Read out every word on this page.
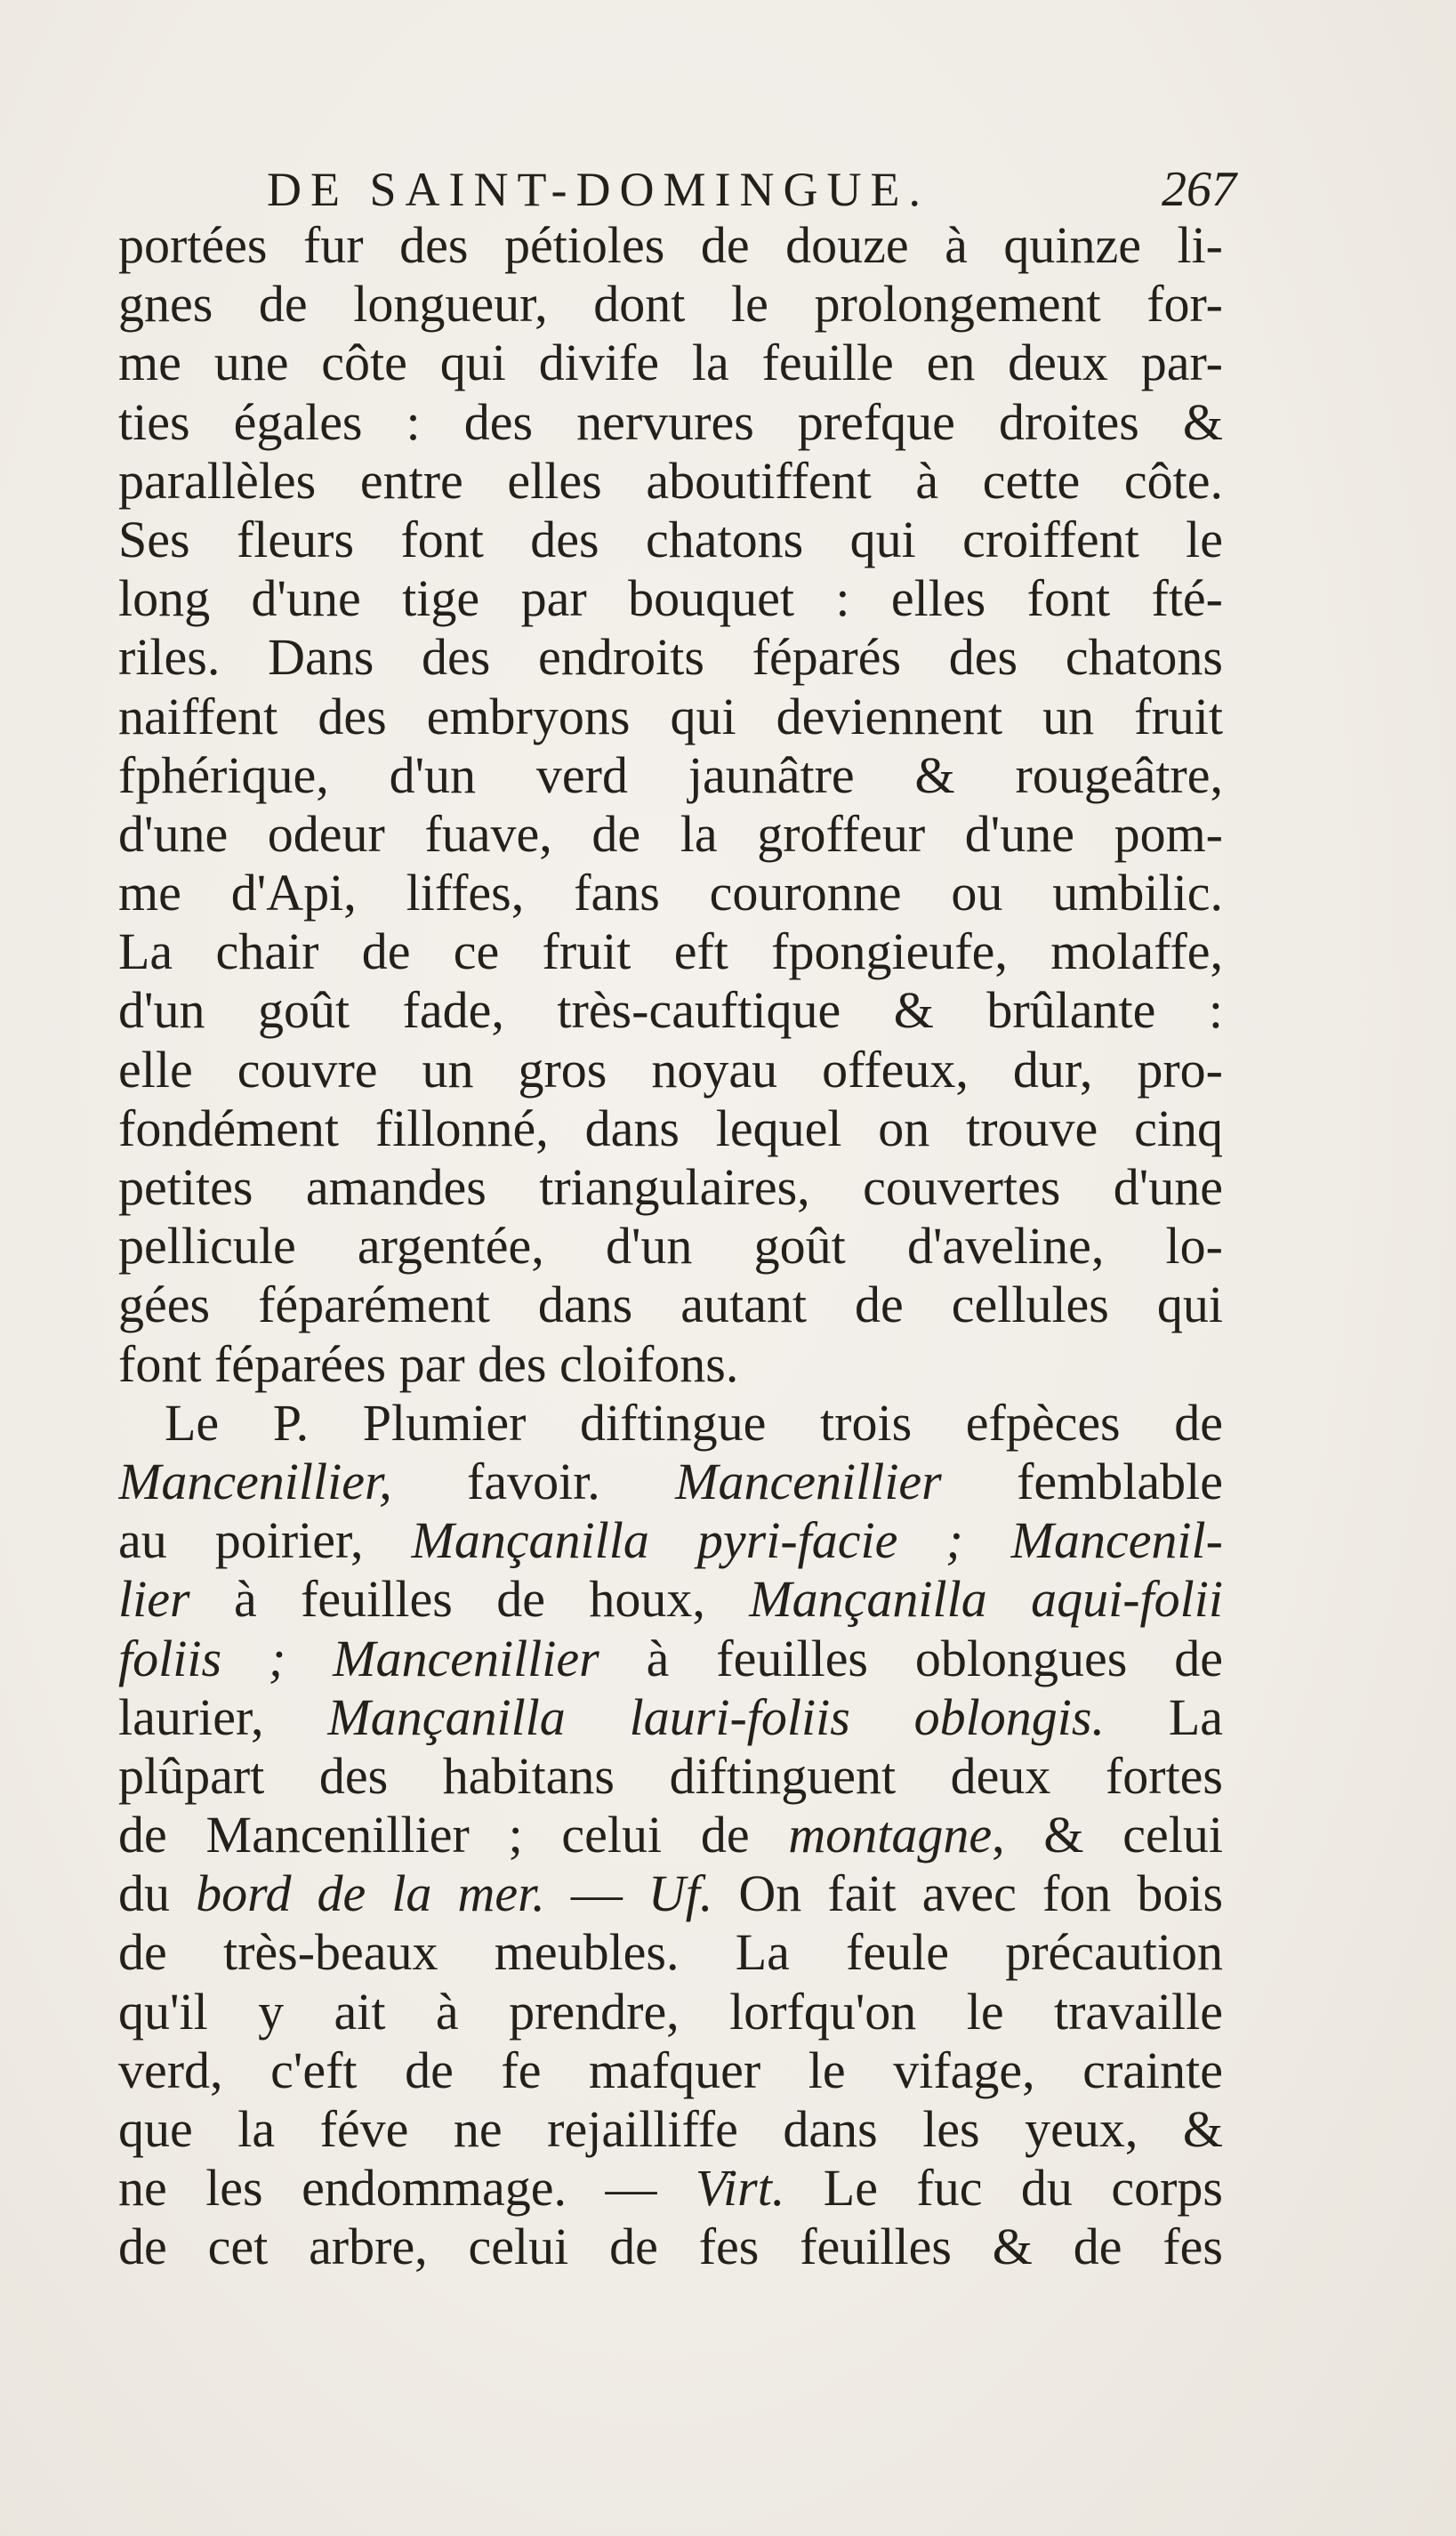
DE SAINT-DOMINGUE.	267
portées fur des pétioles de douze à quinze li-
gnes de longueur, dont le prolongement for-
me une côte qui divife la feuille en deux par-
ties égales : des nervures prefque droites &
parallèles entre elles aboutiffent à cette côte.
Ses fleurs font des chatons qui croiffent le
long d'une tige par bouquet : elles font fté-
riles. Dans des endroits féparés des chatons
naiffent des embryons qui deviennent un fruit
fphérique, d'un verd jaunâtre & rougeâtre,
d'une odeur fuave, de la groffeur d'une pom-
me d'Api, liffes, fans couronne ou umbilic.
La chair de ce fruit eft fpongieufe, molaffe,
d'un goût fade, très-cauftique & brûlante :
elle couvre un gros noyau offeux, dur, pro-
fondément fillonné, dans lequel on trouve cinq
petites amandes triangulaires, couvertes d'une
pellicule argentée, d'un goût d'aveline, lo-
gées féparément dans autant de cellules qui
font féparées par des cloifons.
Le P. Plumier diftingue trois efpèces de
Mancenillier, favoir. Mancenillier femblable
au poirier, Mançanilla pyri-facie ; Mancenil-
lier à feuilles de houx, Mançanilla aqui-folii
foliis ; Mancenillier à feuilles oblongues de
laurier, Mançanilla lauri-foliis oblongis. La
plûpart des habitans diftinguent deux fortes
de Mancenillier ; celui de montagne, & celui
du bord de la mer. — Uf. On fait avec fon bois
de très-beaux meubles. La feule précaution
qu'il y ait à prendre, lorfqu'on le travaille
verd, c'eft de fe mafquer le vifage, crainte
que la féve ne rejailliffe dans les yeux, &
ne les endommage. — Virt. Le fuc du corps
de cet arbre, celui de fes feuilles & de fes
